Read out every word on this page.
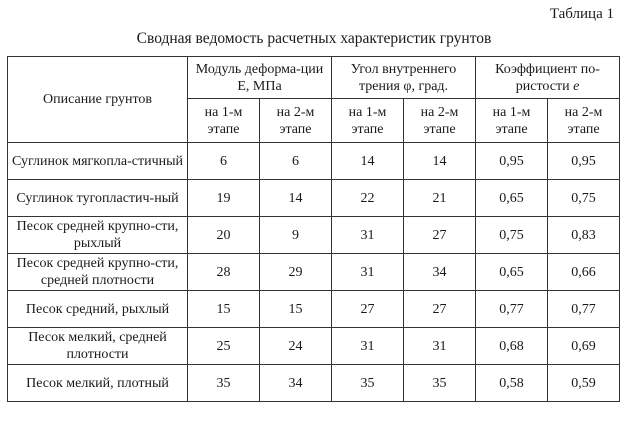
Таблица 1
Сводная ведомость расчетных характеристик грунтов
Описание грунтов	Модуль деформа-ции Е, МПа		Угол внутреннего трения φ, град.		Коэффициент по-ристости e	
	на 1-м этапе	на 2-м этапе	на 1-м этапе	на 2-м этапе	на 1-м этапе	на 2-м этапе
Суглинок мягкопла-стичный	6	6	14	14	0,95	0,95
Суглинок тугопластич-ный	19	14	22	21	0,65	0,75
Песок средней крупно-сти, рыхлый	20	9	31	27	0,75	0,83
Песок средней крупно-сти, средней плотности	28	29	31	34	0,65	0,66
Песок средний, рыхлый	15	15	27	27	0,77	0,77
Песок мелкий, средней плотности	25	24	31	31	0,68	0,69
Песок мелкий, плотный	35	34	35	35	0,58	0,59
